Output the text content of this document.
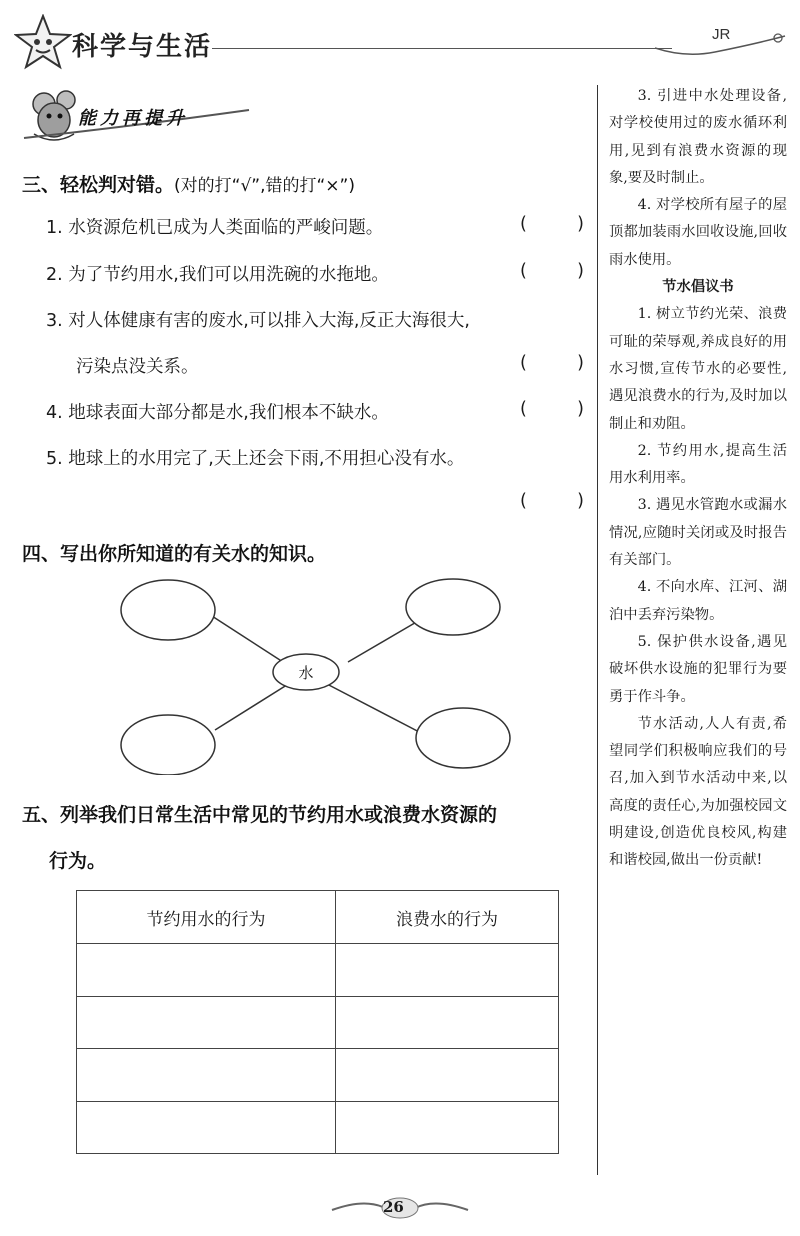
科学与生活	JR
能力再提升
三、轻松判对错。(对的打“√”,错的打“×”)
1. 水资源危机已成为人类面临的严峻问题。	(	)
2. 为了节约用水,我们可以用洗碗的水拖地。	(	)
3. 对人体健康有害的废水,可以排入大海,反正大海很大,
污染点没关系。	(	)
4. 地球表面大部分都是水,我们根本不缺水。	(	)
5. 地球上的水用完了,天上还会下雨,不用担心没有水。
(	)
四、写出你所知道的有关水的知识。
水
五、列举我们日常生活中常见的节约用水或浪费水资源的
行为。
节约用水的行为	浪费水的行为

3. 引进中水处理设备,对学校使用过的废水循环利用,见到有浪费水资源的现象,要及时制止。

4. 对学校所有屋子的屋顶都加装雨水回收设施,回收雨水使用。

节水倡议书

1. 树立节约光荣、浪费可耻的荣辱观,养成良好的用水习惯,宣传节水的必要性,遇见浪费水的行为,及时加以制止和劝阻。

2. 节约用水,提高生活用水利用率。

3. 遇见水管跑水或漏水情况,应随时关闭或及时报告有关部门。

4. 不向水库、江河、湖泊中丢弃污染物。

5. 保护供水设备,遇见破坏供水设施的犯罪行为要勇于作斗争。

节水活动,人人有责,希望同学们积极响应我们的号召,加入到节水活动中来,以高度的责任心,为加强校园文明建设,创造优良校风,构建和谐校园,做出一份贡献!

26
